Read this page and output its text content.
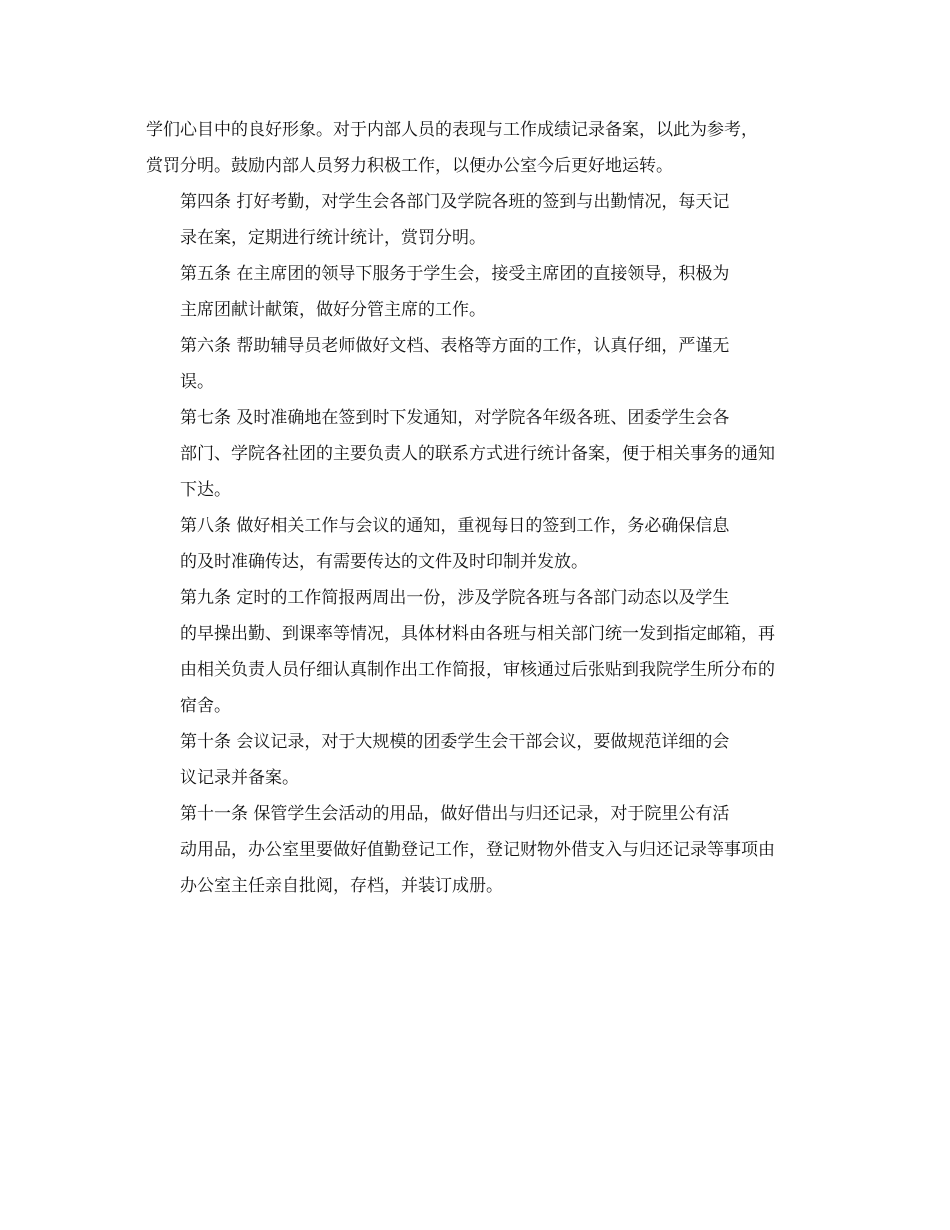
学们心目中的良好形象。对于内部人员的表现与工作成绩记录备案，以此为参考，
赏罚分明。鼓励内部人员努力积极工作，以便办公室今后更好地运转。

第四条 打好考勤，对学生会各部门及学院各班的签到与出勤情况，每天记
录在案，定期进行统计统计，赏罚分明。

第五条 在主席团的领导下服务于学生会，接受主席团的直接领导，积极为
主席团献计献策，做好分管主席的工作。

第六条 帮助辅导员老师做好文档、表格等方面的工作，认真仔细，严谨无
误。

第七条 及时准确地在签到时下发通知，对学院各年级各班、团委学生会各
部门、学院各社团的主要负责人的联系方式进行统计备案，便于相关事务的通知
下达。

第八条 做好相关工作与会议的通知，重视每日的签到工作，务必确保信息
的及时准确传达，有需要传达的文件及时印制并发放。

第九条 定时的工作简报两周出一份，涉及学院各班与各部门动态以及学生
的早操出勤、到课率等情况，具体材料由各班与相关部门统一发到指定邮箱，再
由相关负责人员仔细认真制作出工作简报，审核通过后张贴到我院学生所分布的
宿舍。

第十条 会议记录，对于大规模的团委学生会干部会议，要做规范详细的会
议记录并备案。

第十一条 保管学生会活动的用品，做好借出与归还记录，对于院里公有活
动用品，办公室里要做好值勤登记工作，登记财物外借支入与归还记录等事项由
办公室主任亲自批阅，存档，并装订成册。
